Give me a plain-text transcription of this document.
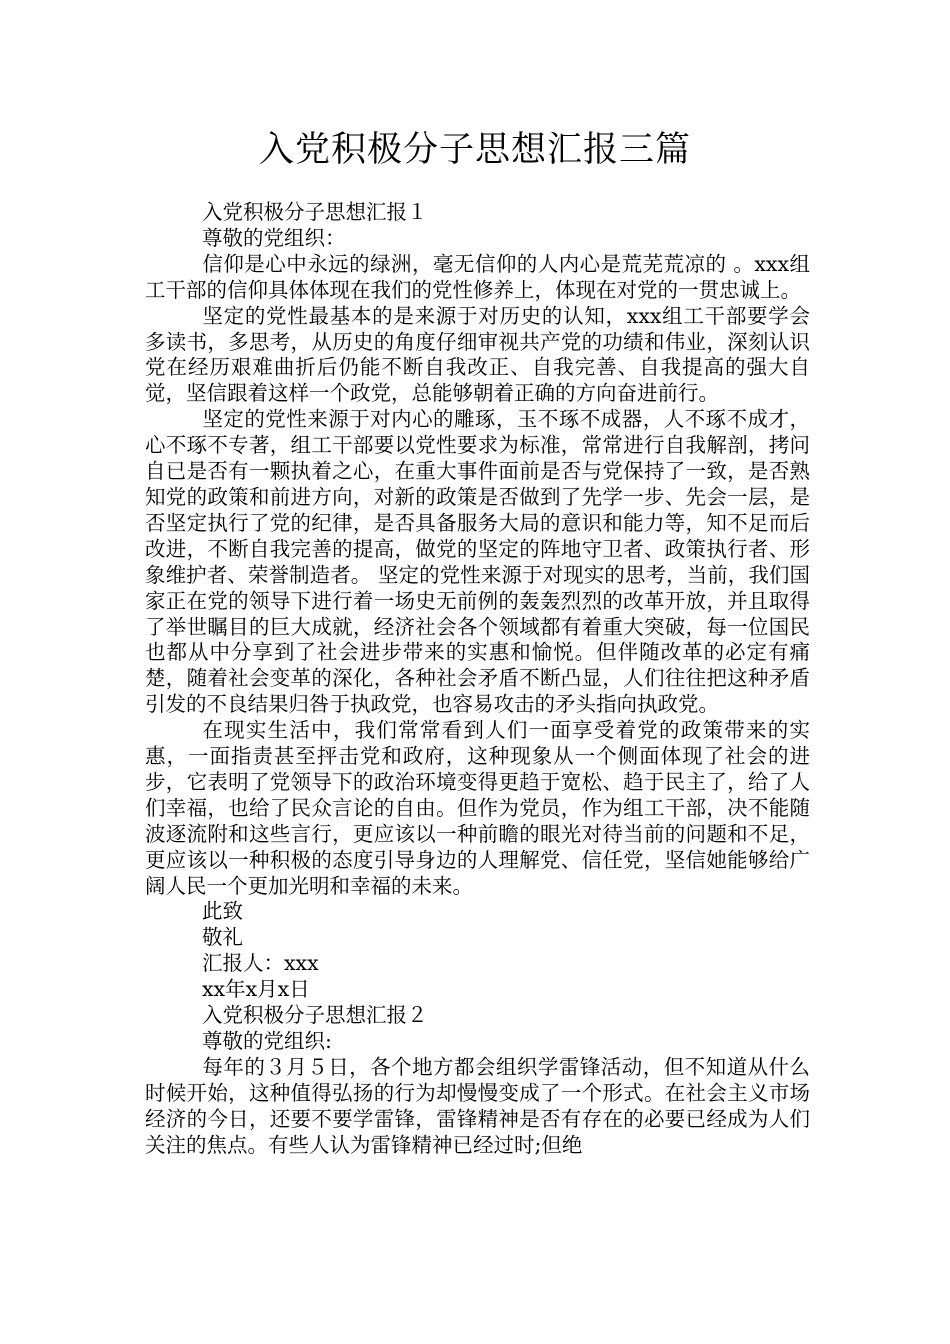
入党积极分子思想汇报三篇

入党积极分子思想汇报１

尊敬的党组织：

信仰是心中永远的绿洲，毫无信仰的人内心是荒芜荒凉的 。xxx组工干部的信仰具体体现在我们的党性修养上，体现在对党的一贯忠诚上。

坚定的党性最基本的是来源于对历史的认知，xxx组工干部要学会多读书，多思考，从历史的角度仔细审视共产党的功绩和伟业，深刻认识党在经历艰难曲折后仍能不断自我改正、自我完善、自我提高的强大自觉，坚信跟着这样一个政党，总能够朝着正确的方向奋进前行。

坚定的党性来源于对内心的雕琢，玉不琢不成器，人不琢不成才，心不琢不专著，组工干部要以党性要求为标准，常常进行自我解剖，拷问自已是否有一颗执着之心，在重大事件面前是否与党保持了一致，是否熟知党的政策和前进方向，对新的政策是否做到了先学一步、先会一层，是否坚定执行了党的纪律，是否具备服务大局的意识和能力等，知不足而后改进，不断自我完善的提高，做党的坚定的阵地守卫者、政策执行者、形象维护者、荣誉制造者。 坚定的党性来源于对现实的思考，当前，我们国家正在党的领导下进行着一场史无前例的轰轰烈烈的改革开放，并且取得了举世瞩目的巨大成就，经济社会各个领域都有着重大突破，每一位国民也都从中分享到了社会进步带来的实惠和愉悦。但伴随改革的必定有痛楚，随着社会变革的深化，各种社会矛盾不断凸显，人们往往把这种矛盾引发的不良结果归咎于执政党，也容易攻击的矛头指向执政党。

在现实生活中，我们常常看到人们一面享受着党的政策带来的实惠，一面指责甚至抨击党和政府，这种现象从一个侧面体现了社会的进步，它表明了党领导下的政治环境变得更趋于宽松、趋于民主了，给了人们幸福，也给了民众言论的自由。但作为党员，作为组工干部，决不能随波逐流附和这些言行，更应该以一种前瞻的眼光对待当前的问题和不足，更应该以一种积极的态度引导身边的人理解党、信任党，坚信她能够给广阔人民一个更加光明和幸福的未来。

此致

敬礼

汇报人：xxx

xx年x月x日

入党积极分子思想汇报２

尊敬的党组织:

每年的３月５日，各个地方都会组织学雷锋活动，但不知道从什么时候开始，这种值得弘扬的行为却慢慢变成了一个形式。在社会主义市场经济的今日，还要不要学雷锋，雷锋精神是否有存在的必要已经成为人们关注的焦点。有些人认为雷锋精神已经过时;但绝
